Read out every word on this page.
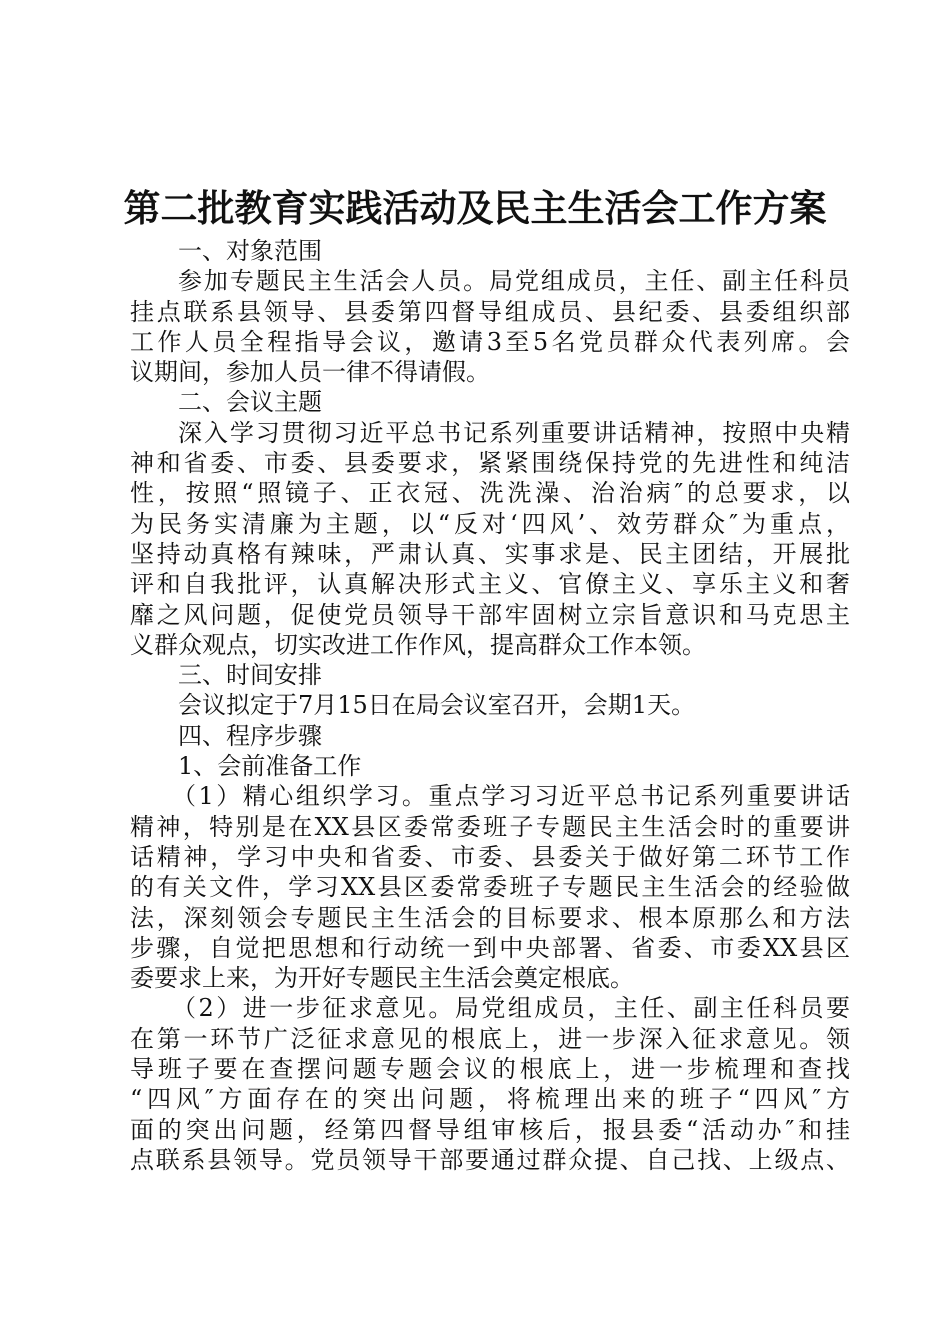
第二批教育实践活动及民主生活会工作方案
一、对象范围
参加专题民主生活会人员。局党组成员，主任、副主任科员
挂点联系县领导、县委第四督导组成员、县纪委、县委组织部
工作人员全程指导会议，邀请3至5名党员群众代表列席。会
议期间，参加人员一律不得请假。
二、会议主题
深入学习贯彻习近平总书记系列重要讲话精神，按照中央精
神和省委、市委、县委要求，紧紧围绕保持党的先进性和纯洁
性，按照“照镜子、正衣冠、洗洗澡、治治病″的总要求，以
为民务实清廉为主题，以“反对‘四风’、效劳群众″为重点，
坚持动真格有辣味，严肃认真、实事求是、民主团结，开展批
评和自我批评，认真解决形式主义、官僚主义、享乐主义和奢
靡之风问题，促使党员领导干部牢固树立宗旨意识和马克思主
义群众观点，切实改进工作作风，提高群众工作本领。
三、时间安排
会议拟定于7月15日在局会议室召开，会期1天。
四、程序步骤
1、会前准备工作
（1）精心组织学习。重点学习习近平总书记系列重要讲话
精神，特别是在XX县区委常委班子专题民主生活会时的重要讲
话精神，学习中央和省委、市委、县委关于做好第二环节工作
的有关文件，学习XX县区委常委班子专题民主生活会的经验做
法，深刻领会专题民主生活会的目标要求、根本原那么和方法
步骤，自觉把思想和行动统一到中央部署、省委、市委XX县区
委要求上来，为开好专题民主生活会奠定根底。
（2）进一步征求意见。局党组成员，主任、副主任科员要
在第一环节广泛征求意见的根底上，进一步深入征求意见。领
导班子要在查摆问题专题会议的根底上，进一步梳理和查找
“四风″方面存在的突出问题，将梳理出来的班子“四风″方
面的突出问题，经第四督导组审核后，报县委“活动办″和挂
点联系县领导。党员领导干部要通过群众提、自己找、上级点、
